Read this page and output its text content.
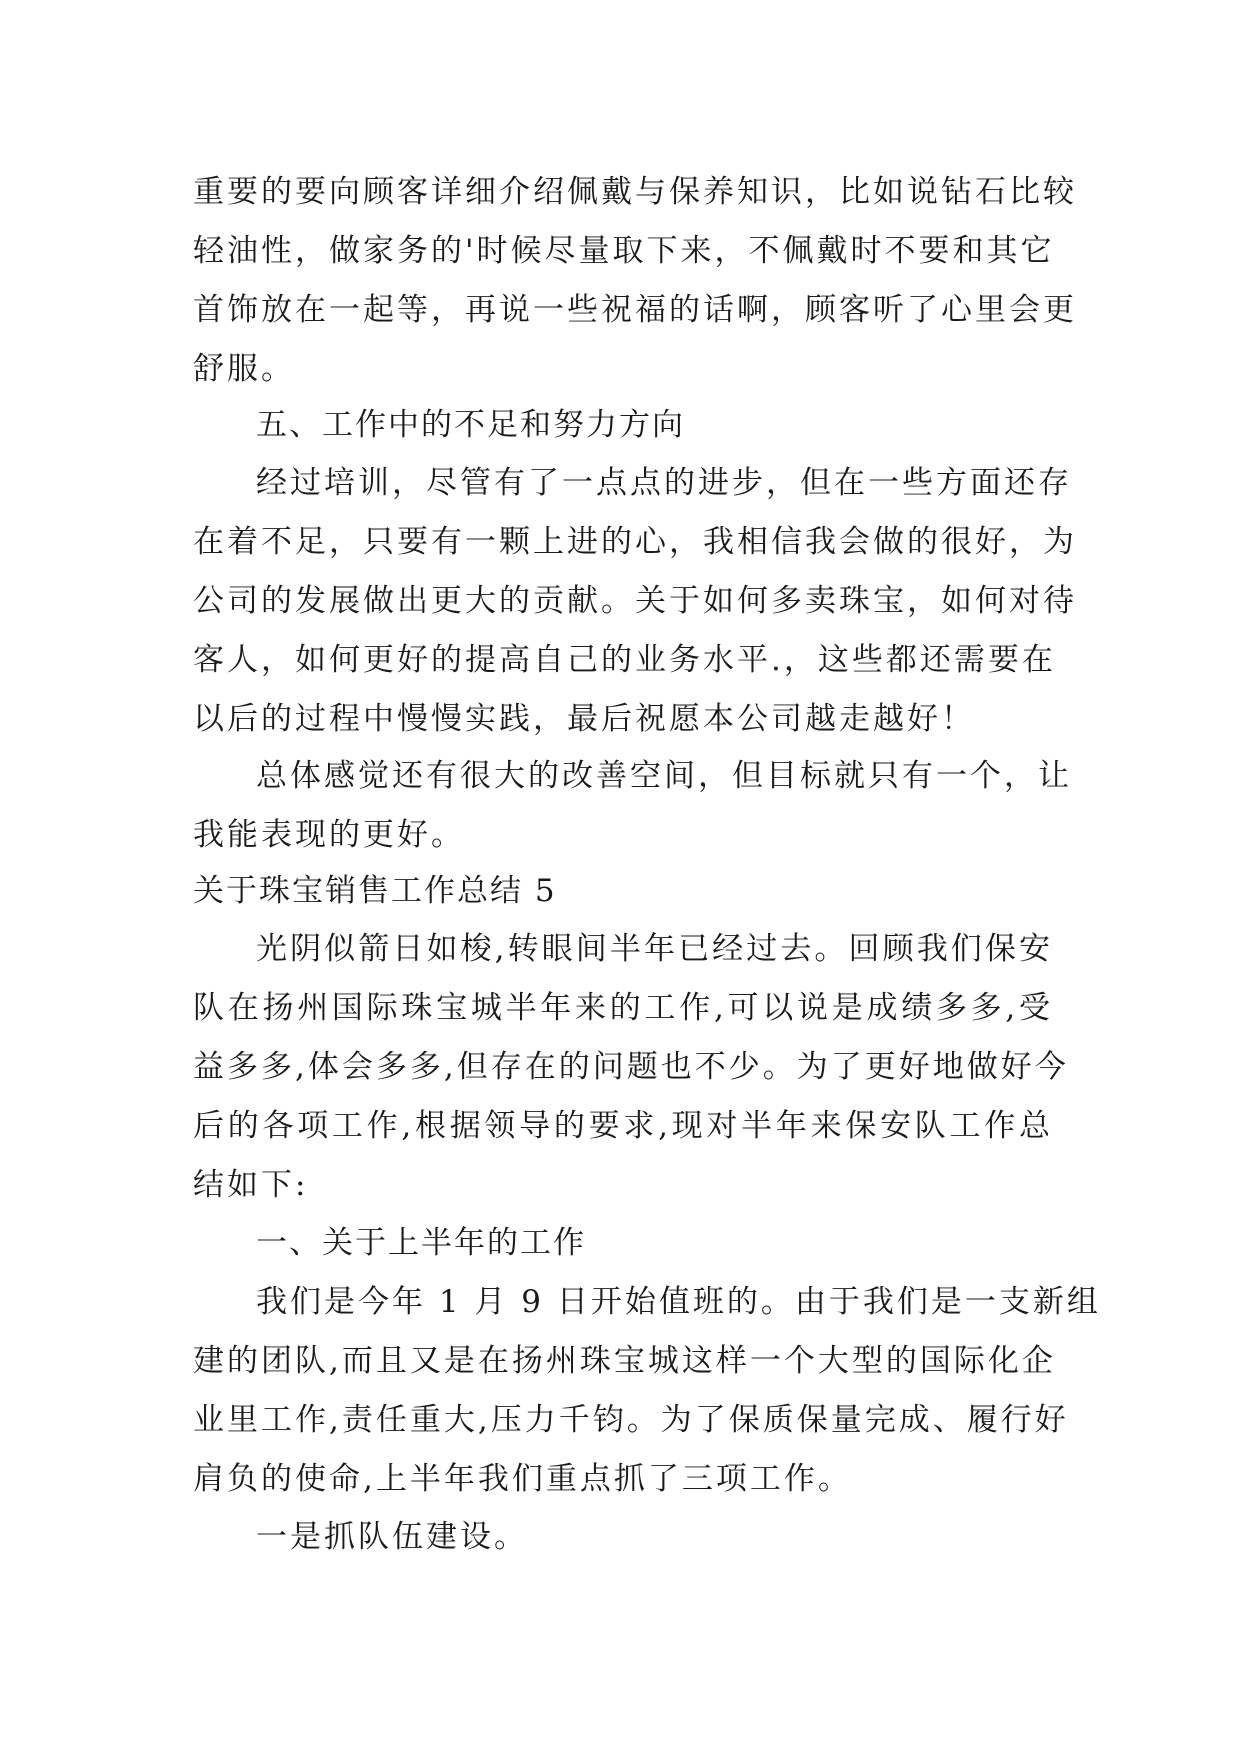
重要的要向顾客详细介绍佩戴与保养知识，比如说钻石比较
轻油性，做家务的'时候尽量取下来，不佩戴时不要和其它
首饰放在一起等，再说一些祝福的话啊，顾客听了心里会更
舒服。
五、工作中的不足和努力方向
经过培训，尽管有了一点点的进步，但在一些方面还存
在着不足，只要有一颗上进的心，我相信我会做的很好，为
公司的发展做出更大的贡献。关于如何多卖珠宝，如何对待
客人，如何更好的提高自己的业务水平.，这些都还需要在
以后的过程中慢慢实践，最后祝愿本公司越走越好！
总体感觉还有很大的改善空间，但目标就只有一个，让
我能表现的更好。
关于珠宝销售工作总结 5
光阴似箭日如梭,转眼间半年已经过去。回顾我们保安
队在扬州国际珠宝城半年来的工作,可以说是成绩多多,受
益多多,体会多多,但存在的问题也不少。为了更好地做好今
后的各项工作,根据领导的要求,现对半年来保安队工作总
结如下:
一、关于上半年的工作
我们是今年 1 月 9 日开始值班的。由于我们是一支新组
建的团队,而且又是在扬州珠宝城这样一个大型的国际化企
业里工作,责任重大,压力千钧。为了保质保量完成、履行好
肩负的使命,上半年我们重点抓了三项工作。
一是抓队伍建设。
